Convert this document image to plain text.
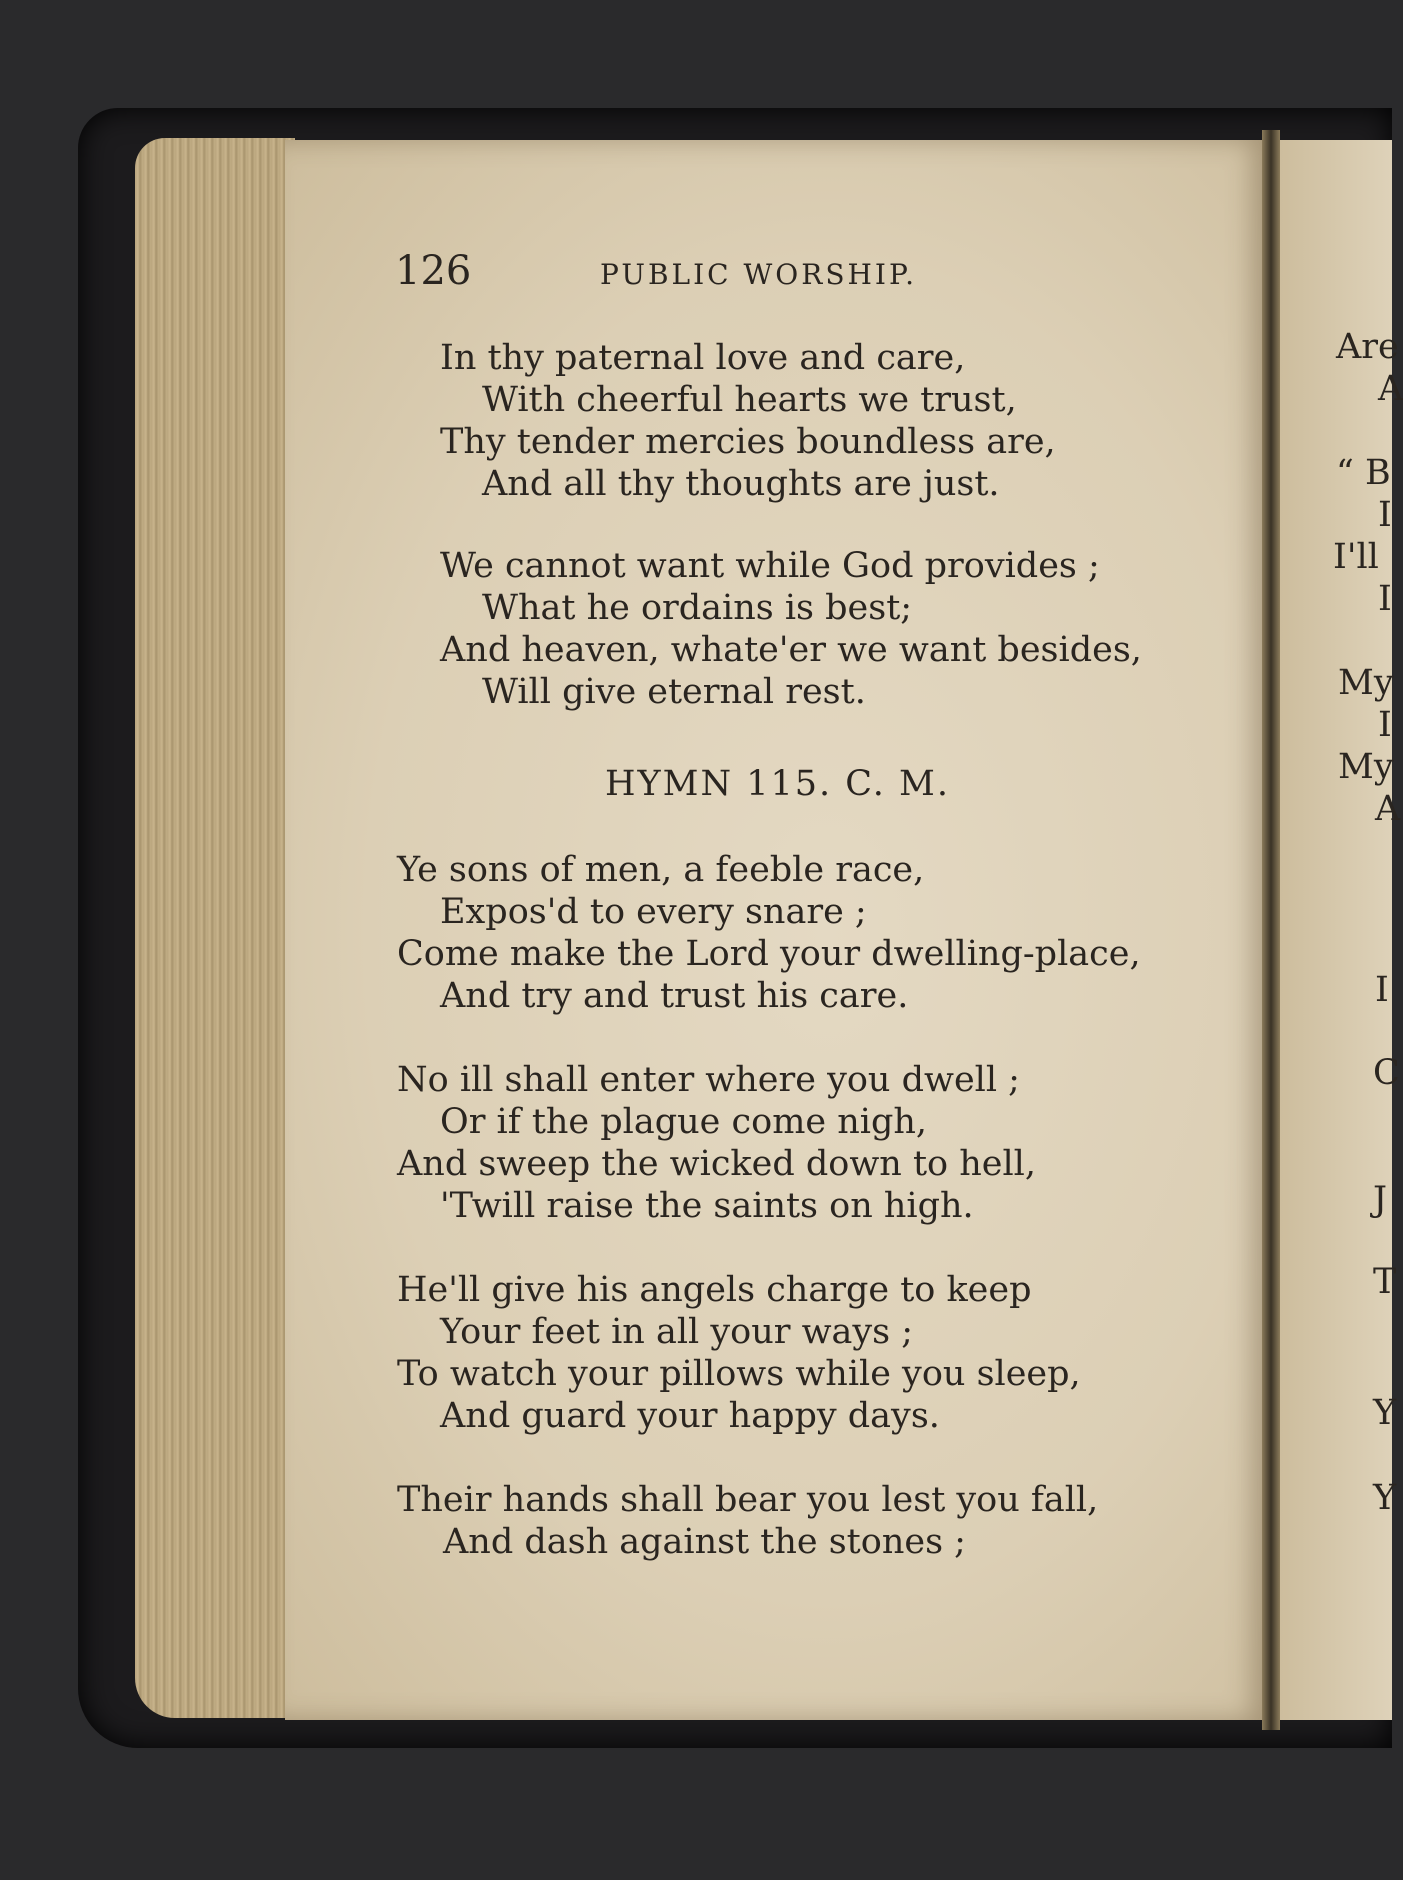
126	PUBLIC WORSHIP.
In thy paternal love and care,
With cheerful hearts we trust,
Thy tender mercies boundless are,
And all thy thoughts are just.
We cannot want while God provides ;
What he ordains is best;
And heaven, whate'er we want besides,
Will give eternal rest.
HYMN 115. C. M.
Ye sons of men, a feeble race,
Expos'd to every snare ;
Come make the Lord your dwelling-place,
And try and trust his care.
No ill shall enter where you dwell ;
Or if the plague come nigh,
And sweep the wicked down to hell,
'Twill raise the saints on high.
He'll give his angels charge to keep
Your feet in all your ways ;
To watch your pillows while you sleep,
And guard your happy days.
Their hands shall bear you lest you fall,
And dash against the stones ;
Are
A
“ B
I
I'll
I
My
I
My
A
I
C
J
T
Y
Y
